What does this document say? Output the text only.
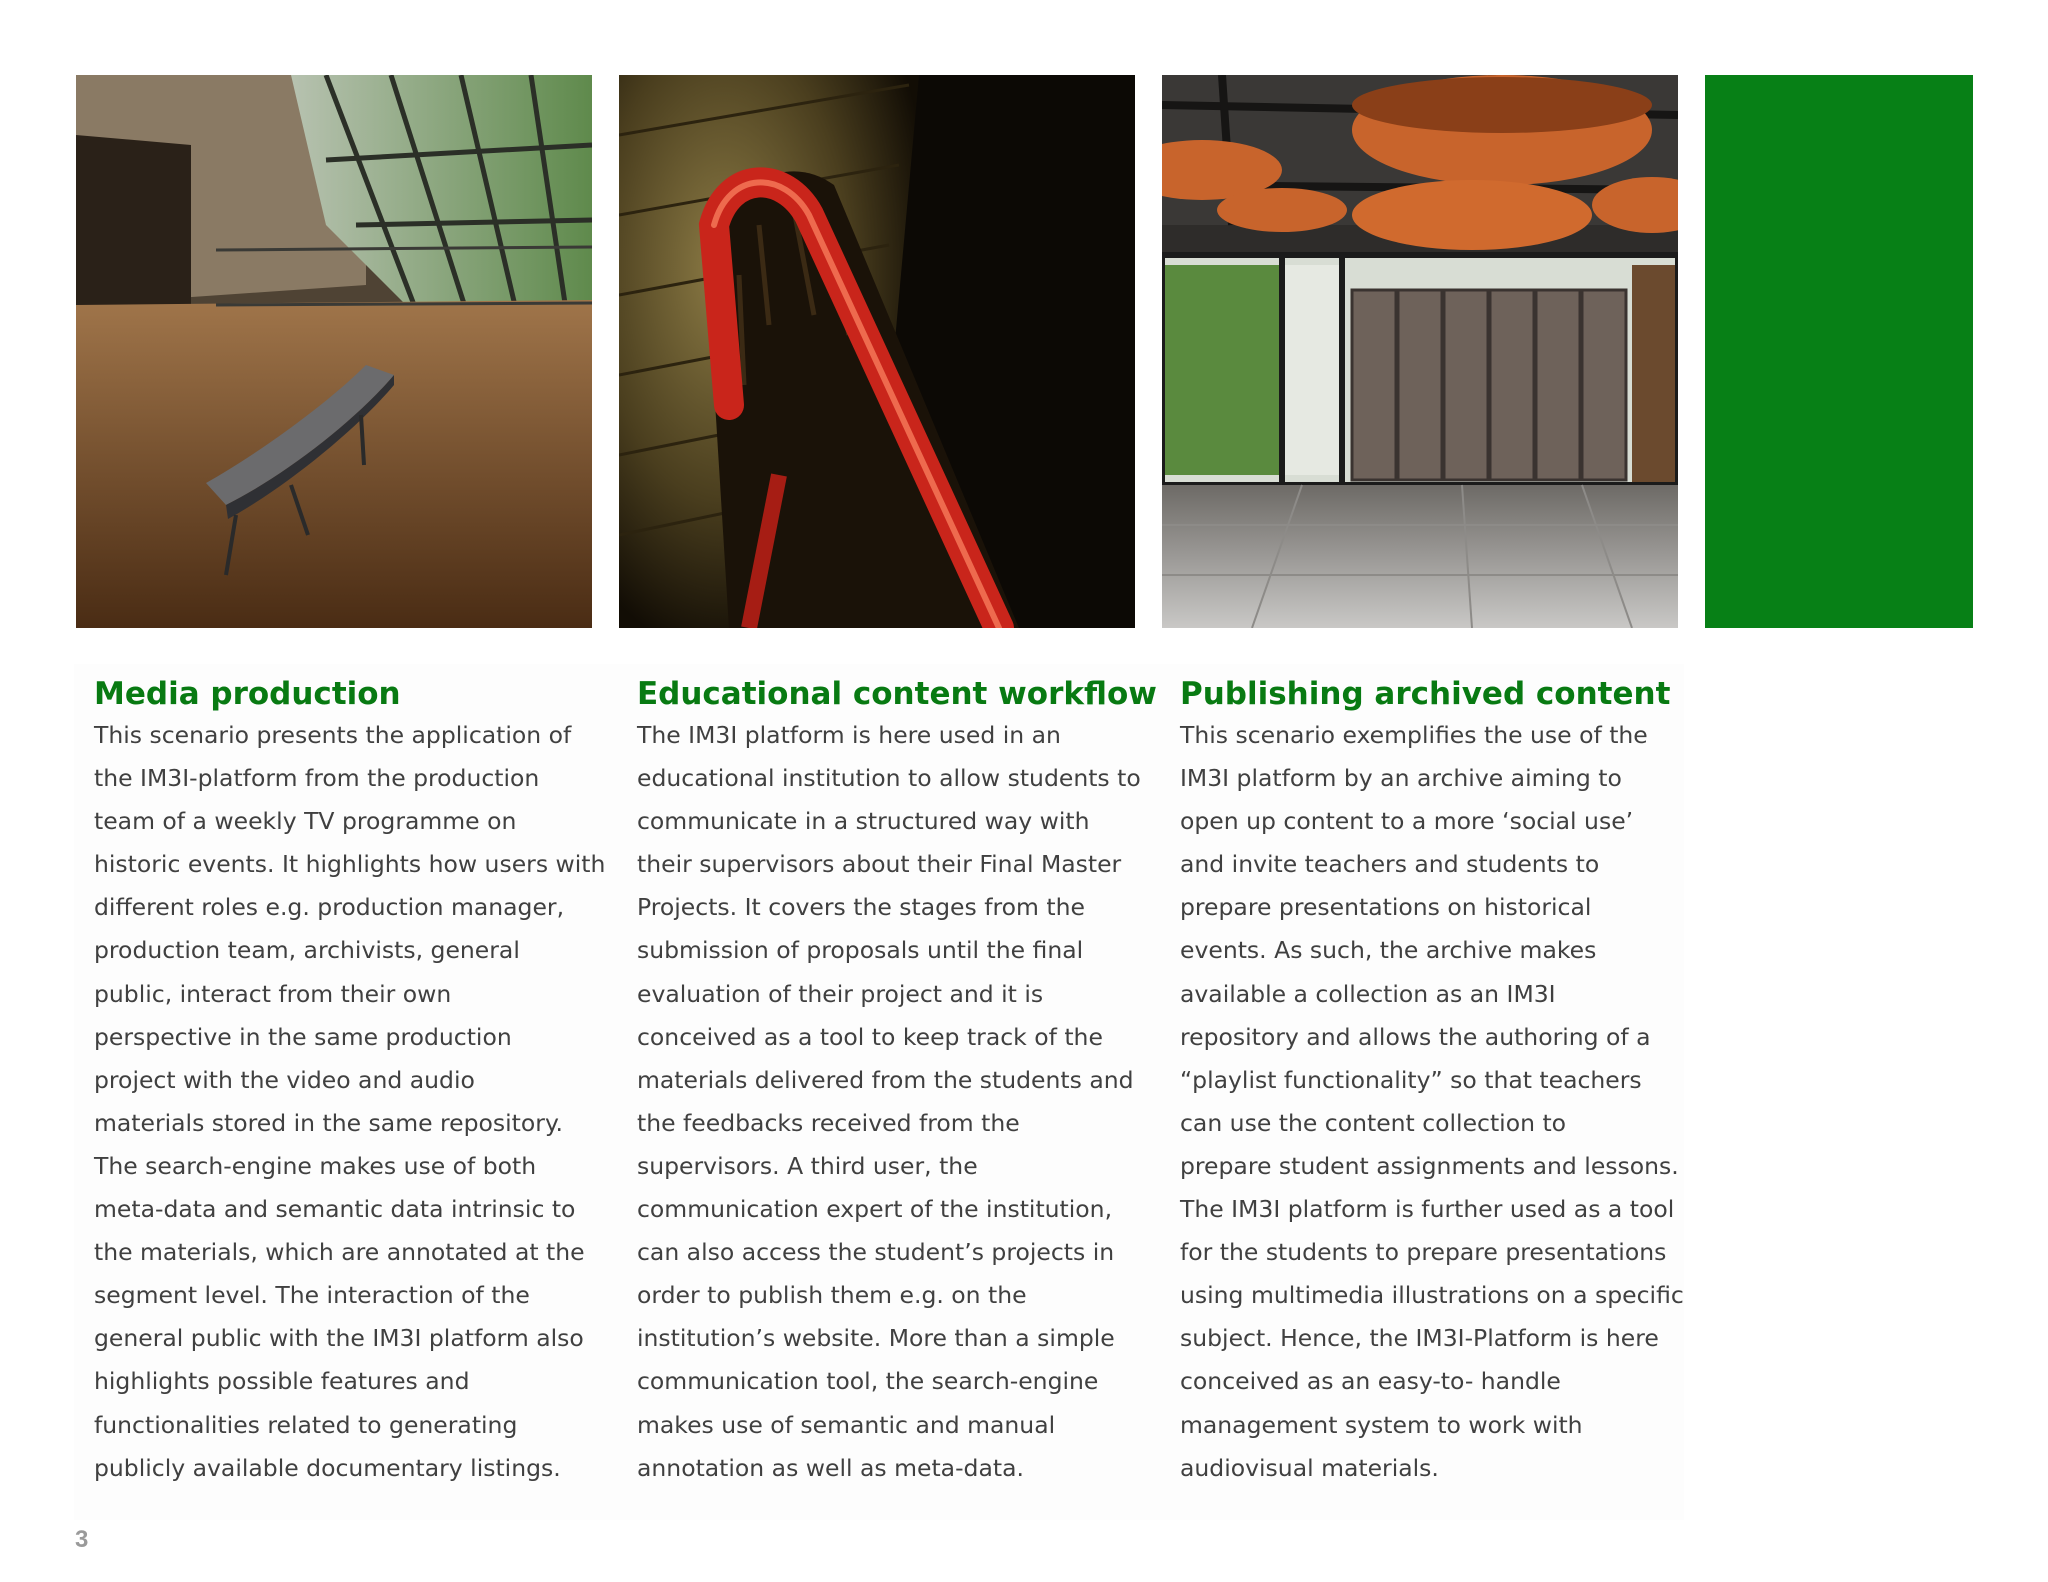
Media production
This scenario presents the application of
the IM3I-platform from the production
team of a weekly TV programme on
historic events. It highlights how users with
different roles e.g. production manager,
production team, archivists, general
public, interact from their own
perspective in the same production
project with the video and audio
materials stored in the same repository.
The search-engine makes use of both
meta-data and semantic data intrinsic to
the materials, which are annotated at the
segment level. The interaction of the
general public with the IM3I platform also
highlights possible features and
functionalities related to generating
publicly available documentary listings.
Educational content workflow
The IM3I platform is here used in an
educational institution to allow students to
communicate in a structured way with
their supervisors about their Final Master
Projects. It covers the stages from the
submission of proposals until the final
evaluation of their project and it is
conceived as a tool to keep track of the
materials delivered from the students and
the feedbacks received from the
supervisors. A third user, the
communication expert of the institution,
can also access the student’s projects in
order to publish them e.g. on the
institution’s website. More than a simple
communication tool, the search-engine
makes use of semantic and manual
annotation as well as meta-data.
Publishing archived content
This scenario exemplifies the use of the
IM3I platform by an archive aiming to
open up content to a more ‘social use’
and invite teachers and students to
prepare presentations on historical
events. As such, the archive makes
available a collection as an IM3I
repository and allows the authoring of a
“playlist functionality” so that teachers
can use the content collection to
prepare student assignments and lessons.
The IM3I platform is further used as a tool
for the students to prepare presentations
using multimedia illustrations on a specific
subject. Hence, the IM3I-Platform is here
conceived as an easy-to- handle
management system to work with
audiovisual materials.
3
